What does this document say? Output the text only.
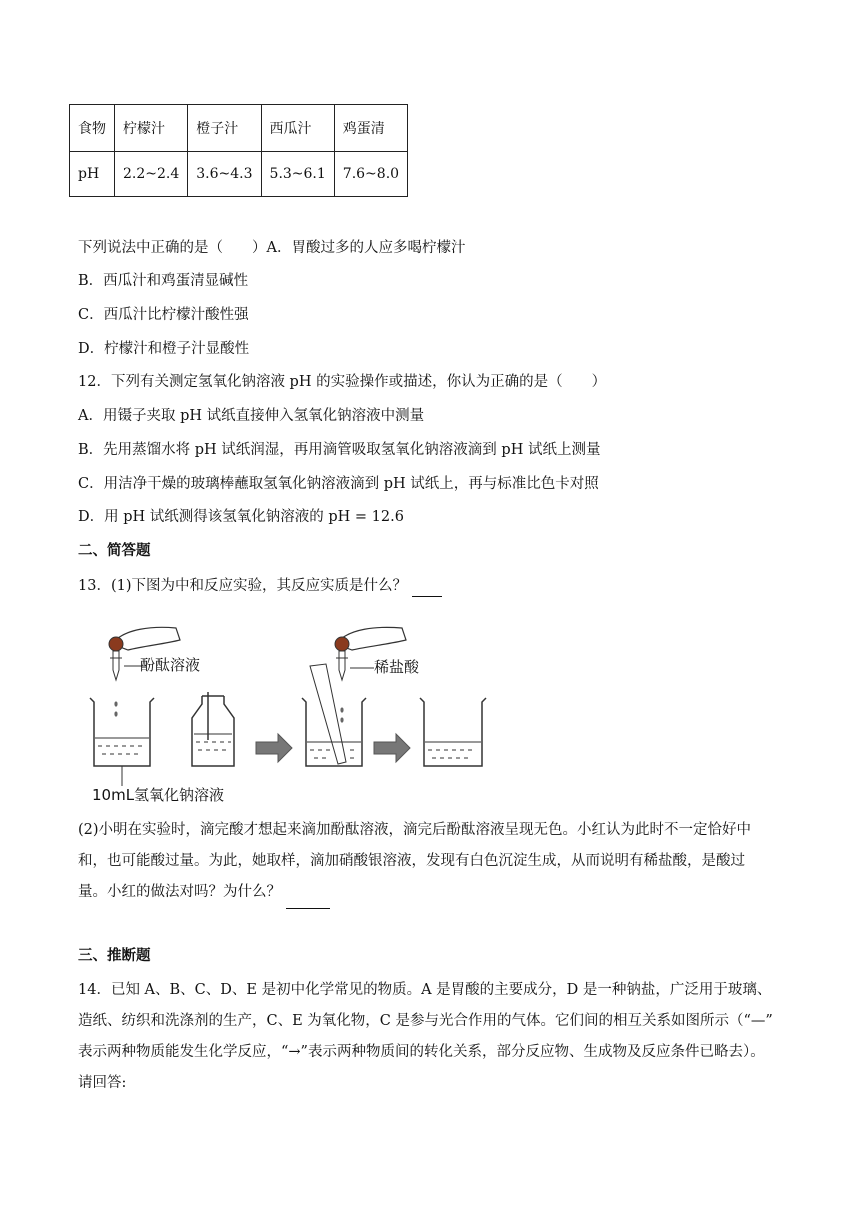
食物	柠檬汁	橙子汁	西瓜汁	鸡蛋清
pH	2.2~2.4	3.6~4.3	5.3~6.1	7.6~8.0
下列说法中正确的是（　　）A．胃酸过多的人应多喝柠檬汁
B．西瓜汁和鸡蛋清显碱性
C．西瓜汁比柠檬汁酸性强
D．柠檬汁和橙子汁显酸性
12．下列有关测定氢氧化钠溶液 pH 的实验操作或描述，你认为正确的是（　　）
A．用镊子夹取 pH 试纸直接伸入氢氧化钠溶液中测量
B．先用蒸馏水将 pH 试纸润湿，再用滴管吸取氢氧化钠溶液滴到 pH 试纸上测量
C．用洁净干燥的玻璃棒蘸取氢氧化钠溶液滴到 pH 试纸上，再与标准比色卡对照
D．用 pH 试纸测得该氢氧化钠溶液的 pH = 12.6
二、简答题
13．(1)下图为中和反应实验，其反应实质是什么？
酚酞溶液
10mL氢氧化钠溶液
稀盐酸
(2)小明在实验时，滴完酸才想起来滴加酚酞溶液，滴完后酚酞溶液呈现无色。小红认为此时不一定恰好中
和，也可能酸过量。为此，她取样，滴加硝酸银溶液，发现有白色沉淀生成，从而说明有稀盐酸，是酸过
量。小红的做法对吗？为什么？
三、推断题
14．已知 A、B、C、D、E 是初中化学常见的物质。A 是胃酸的主要成分，D 是一种钠盐，广泛用于玻璃、
造纸、纺织和洗涤剂的生产，C、E 为氧化物，C 是参与光合作用的气体。它们间的相互关系如图所示（“—”
表示两种物质能发生化学反应，“→”表示两种物质间的转化关系，部分反应物、生成物及反应条件已略去）。
请回答:
